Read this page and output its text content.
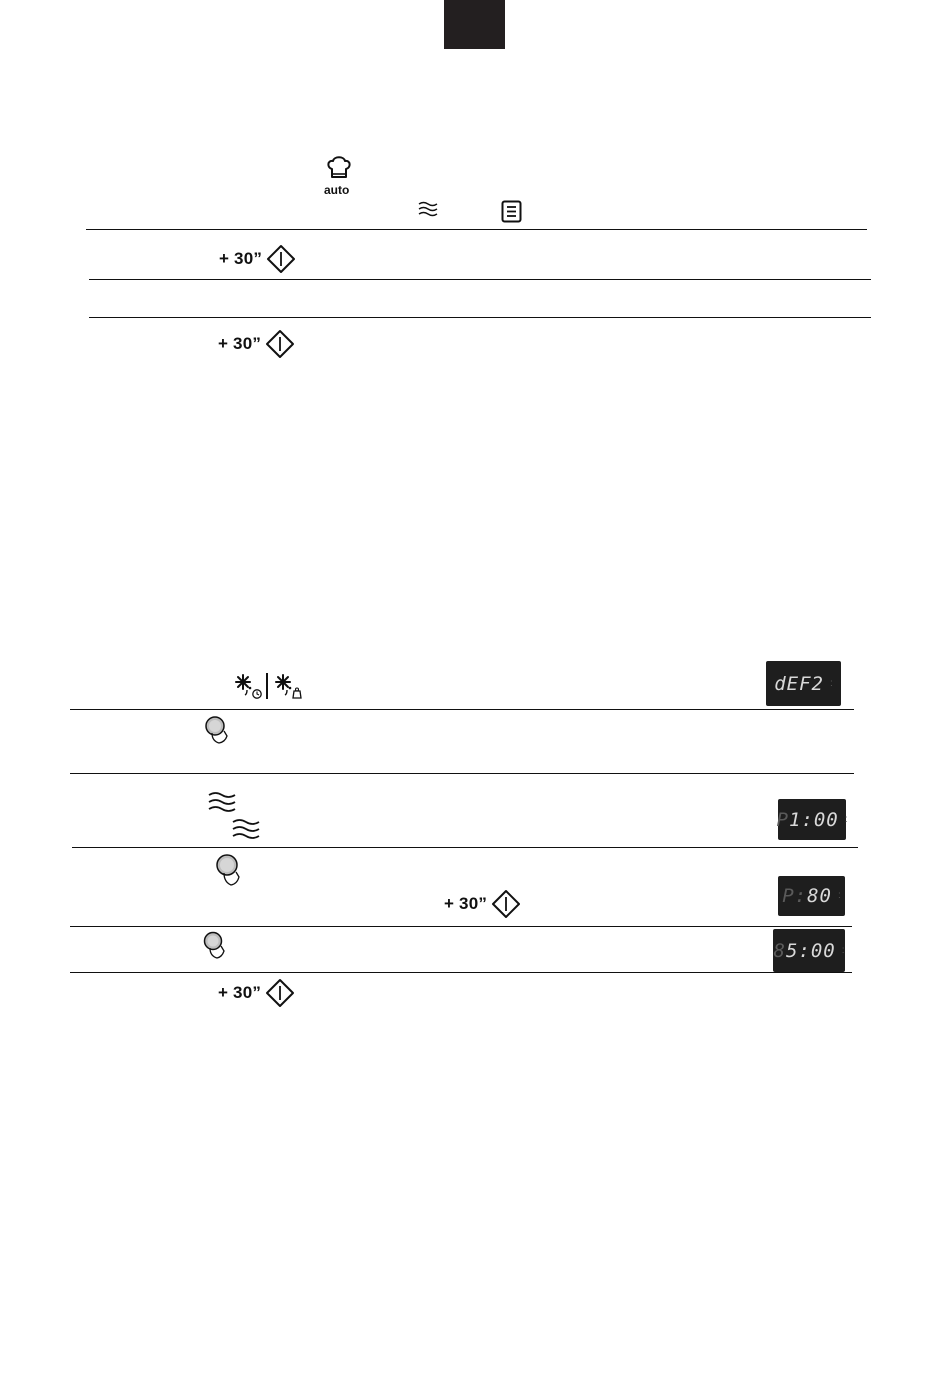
auto
+ 30”
+ 30”
dEF2 :
P1:00 :
+ 30”	P:80 :
85:00 :
+ 30”
